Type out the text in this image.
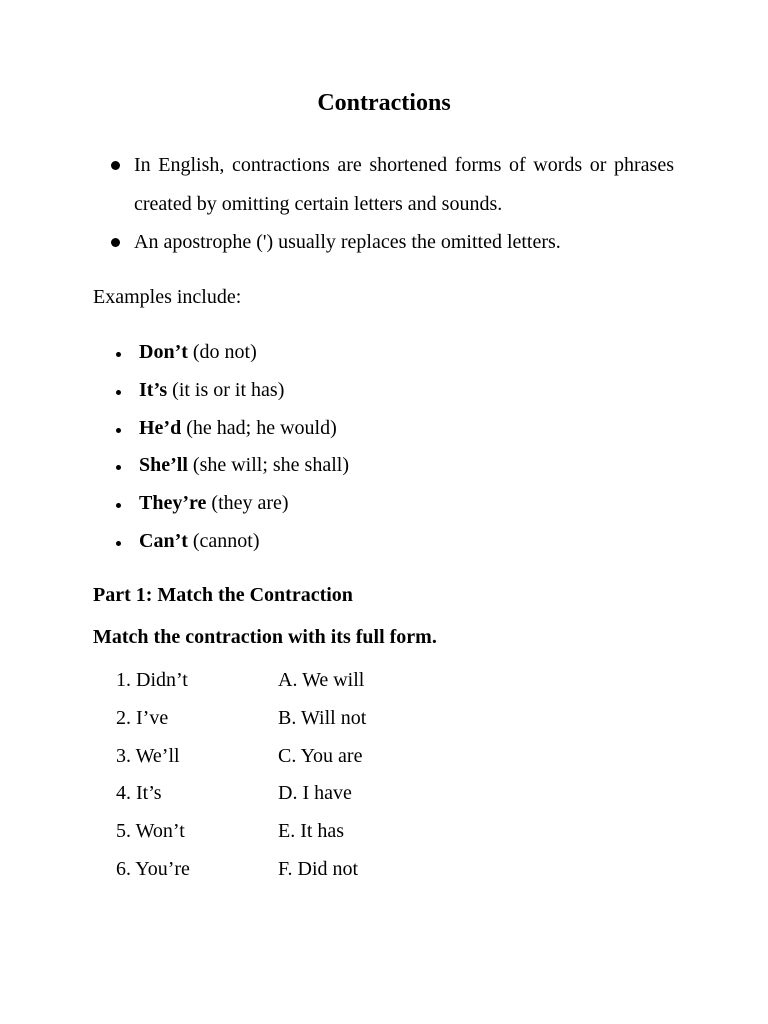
Contractions
In English, contractions are shortened forms of words or phrases created by omitting certain letters and sounds.
An apostrophe (') usually replaces the omitted letters.

Examples include:

Don’t (do not)
It’s (it is or it has)
He’d (he had; he would)
She’ll (she will; she shall)
They’re (they are)
Can’t (cannot)

Part 1: Match the Contraction

Match the contraction with its full form.

1. Didn’t	A. We will
2. I’ve	B. Will not
3. We’ll	C. You are
4. It’s	D. I have
5. Won’t	E. It has
6. You’re	F. Did not
